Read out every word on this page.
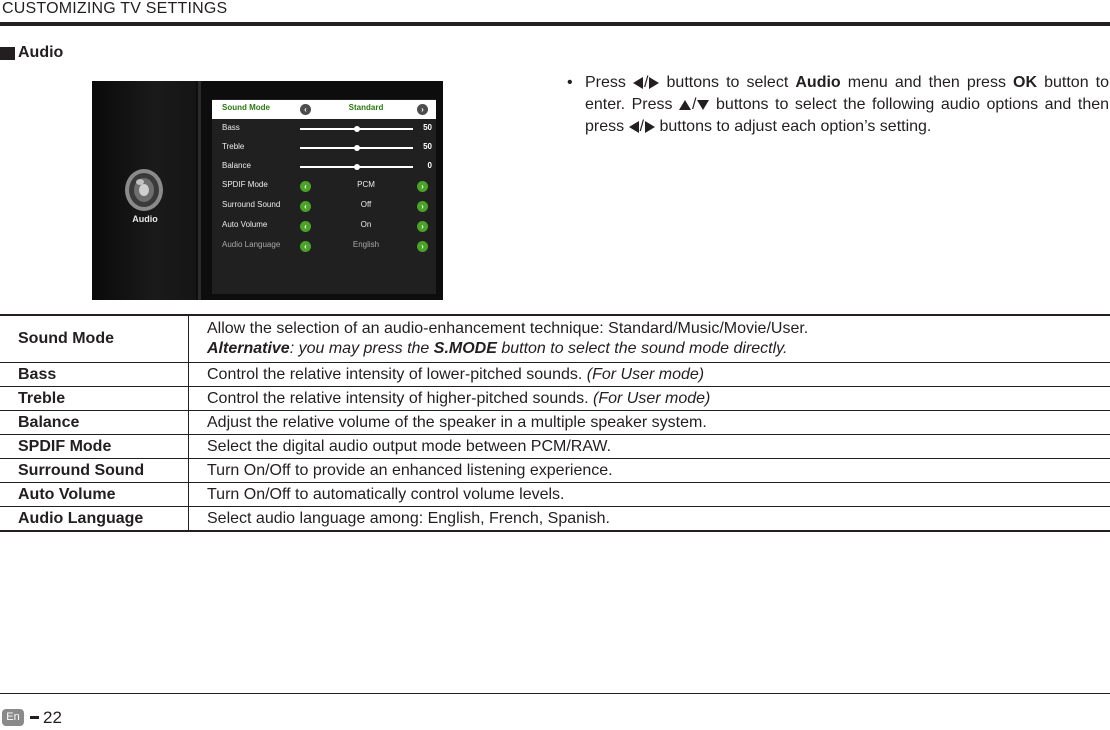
CUSTOMIZING TV SETTINGS
Audio
Audio
Sound Mode	‹	Standard	›
Bass	50
Treble	50
Balance	0
SPDIF Mode	‹	PCM	›
Surround Sound	‹	Off	›
Auto Volume	‹	On	›
Audio Language	‹	English	›
• Press / buttons to select Audio menu and then press OK button to enter. Press / buttons to select the following audio options and then press / buttons to adjust each option’s setting.
Sound Mode	Allow the selection of an audio-enhancement technique: Standard/Music/Movie/User.
Alternative: you may press the S.MODE button to select the sound mode directly.

Bass	Control the relative intensity of lower-pitched sounds. (For User mode)
Treble	Control the relative intensity of higher-pitched sounds. (For User mode)
Balance	Adjust the relative volume of the speaker in a multiple speaker system.
SPDIF Mode	Select the digital audio output mode between PCM/RAW.
Surround Sound	Turn On/Off to provide an enhanced listening experience.
Auto Volume	Turn On/Off to automatically control volume levels.
Audio Language	Select audio language among: English, French, Spanish.
En 22
